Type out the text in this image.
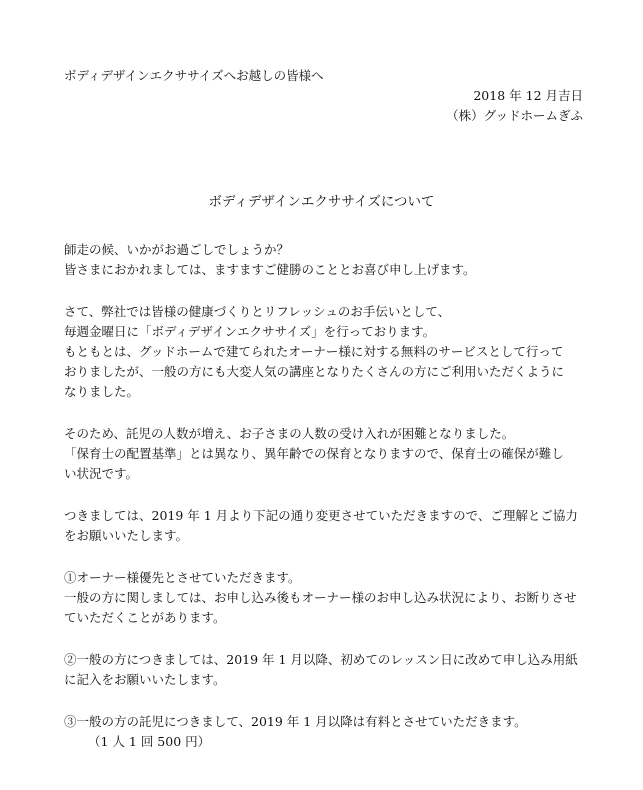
ボディデザインエクササイズへお越しの皆様へ
2018 年 12 月吉日
（株）グッドホームぎふ
ボディデザインエクササイズについて
師走の候、いかがお過ごしでしょうか？
皆さまにおかれましては、ますますご健勝のこととお喜び申し上げます。
さて、弊社では皆様の健康づくりとリフレッシュのお手伝いとして、
毎週金曜日に「ボディデザインエクササイズ」を行っております。
もともとは、グッドホームで建てられたオーナー様に対する無料のサービスとして行って
おりましたが、一般の方にも大変人気の講座となりたくさんの方にご利用いただくように
なりました。
そのため、託児の人数が増え、お子さまの人数の受け入れが困難となりました。
「保育士の配置基準」とは異なり、異年齢での保育となりますので、保育士の確保が難し
い状況です。
つきましては、2019 年 1 月より下記の通り変更させていただきますので、ご理解とご協力
をお願いいたします。
①オーナー様優先とさせていただきます。
一般の方に関しましては、お申し込み後もオーナー様のお申し込み状況により、お断りさせ
ていただくことがあります。
②一般の方につきましては、2019 年 1 月以降、初めてのレッスン日に改めて申し込み用紙
に記入をお願いいたします。
③一般の方の託児につきまして、2019 年 1 月以降は有料とさせていただきます。
（1 人 1 回 500 円）
